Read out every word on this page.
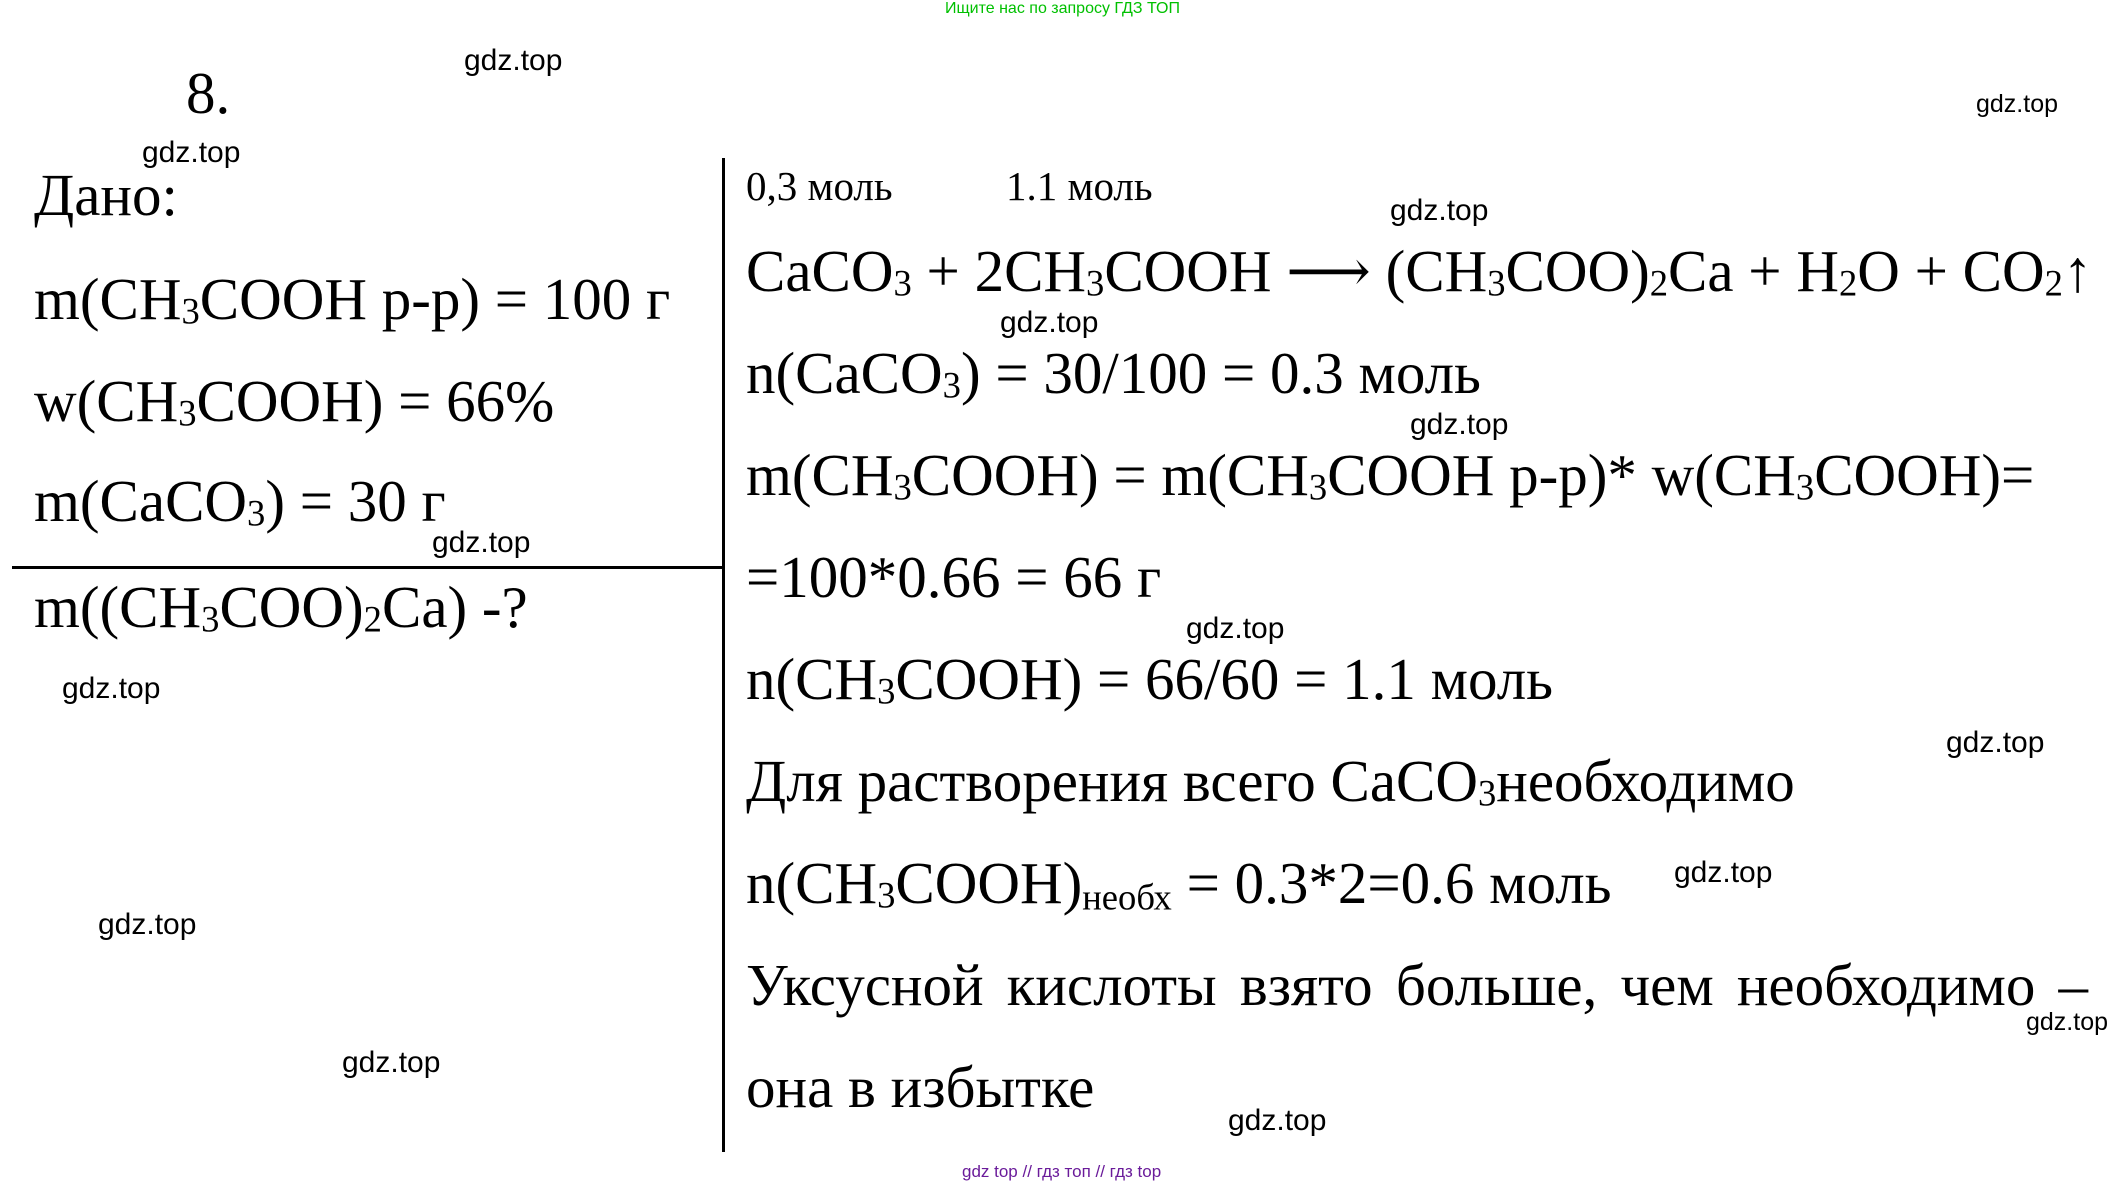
Ищите нас по запросу ГДЗ ТОП
8.
Дано:
$m(CH_3COOH$ р-р) = 100 г
$w(CH_3COOH) = 66\%$
m(CaCO$_3$) = 30 г
$m((CH_3COO)_2Ca)$ -?
0,3 моль	1.1 моль
CaCO$_3$ + $2CH_3COOH$ ⟶ $(CH_3COO)_2Ca + H_2O$ + $CO_2↑$
n(CaCO$_3$) = 30/100 = 0.3 моль
$m(CH_3COOH)$ = $m(CH_3COOH$ р-р)* $w(CH_3COOH)=$
=100*0.66 = 66 г
$n(CH_3COOH) = 66/60 = 1.1$ моль
Для растворения всего CaCO$_3$необходимо
$n(CH_3COOH)необх = 0.3*2=0.6$ моль
Уксусной кислоты взято больше, чем необходимо –
она в избытке
gdz.top
gdz.top
gdz.top
gdz.top
gdz.top
gdz.top
gdz.top
gdz.top
gdz.top
gdz.top
gdz.top
gdz.top
gdz.top
gdz.top
gdz.top
gdz top // гдз топ // гдз top
